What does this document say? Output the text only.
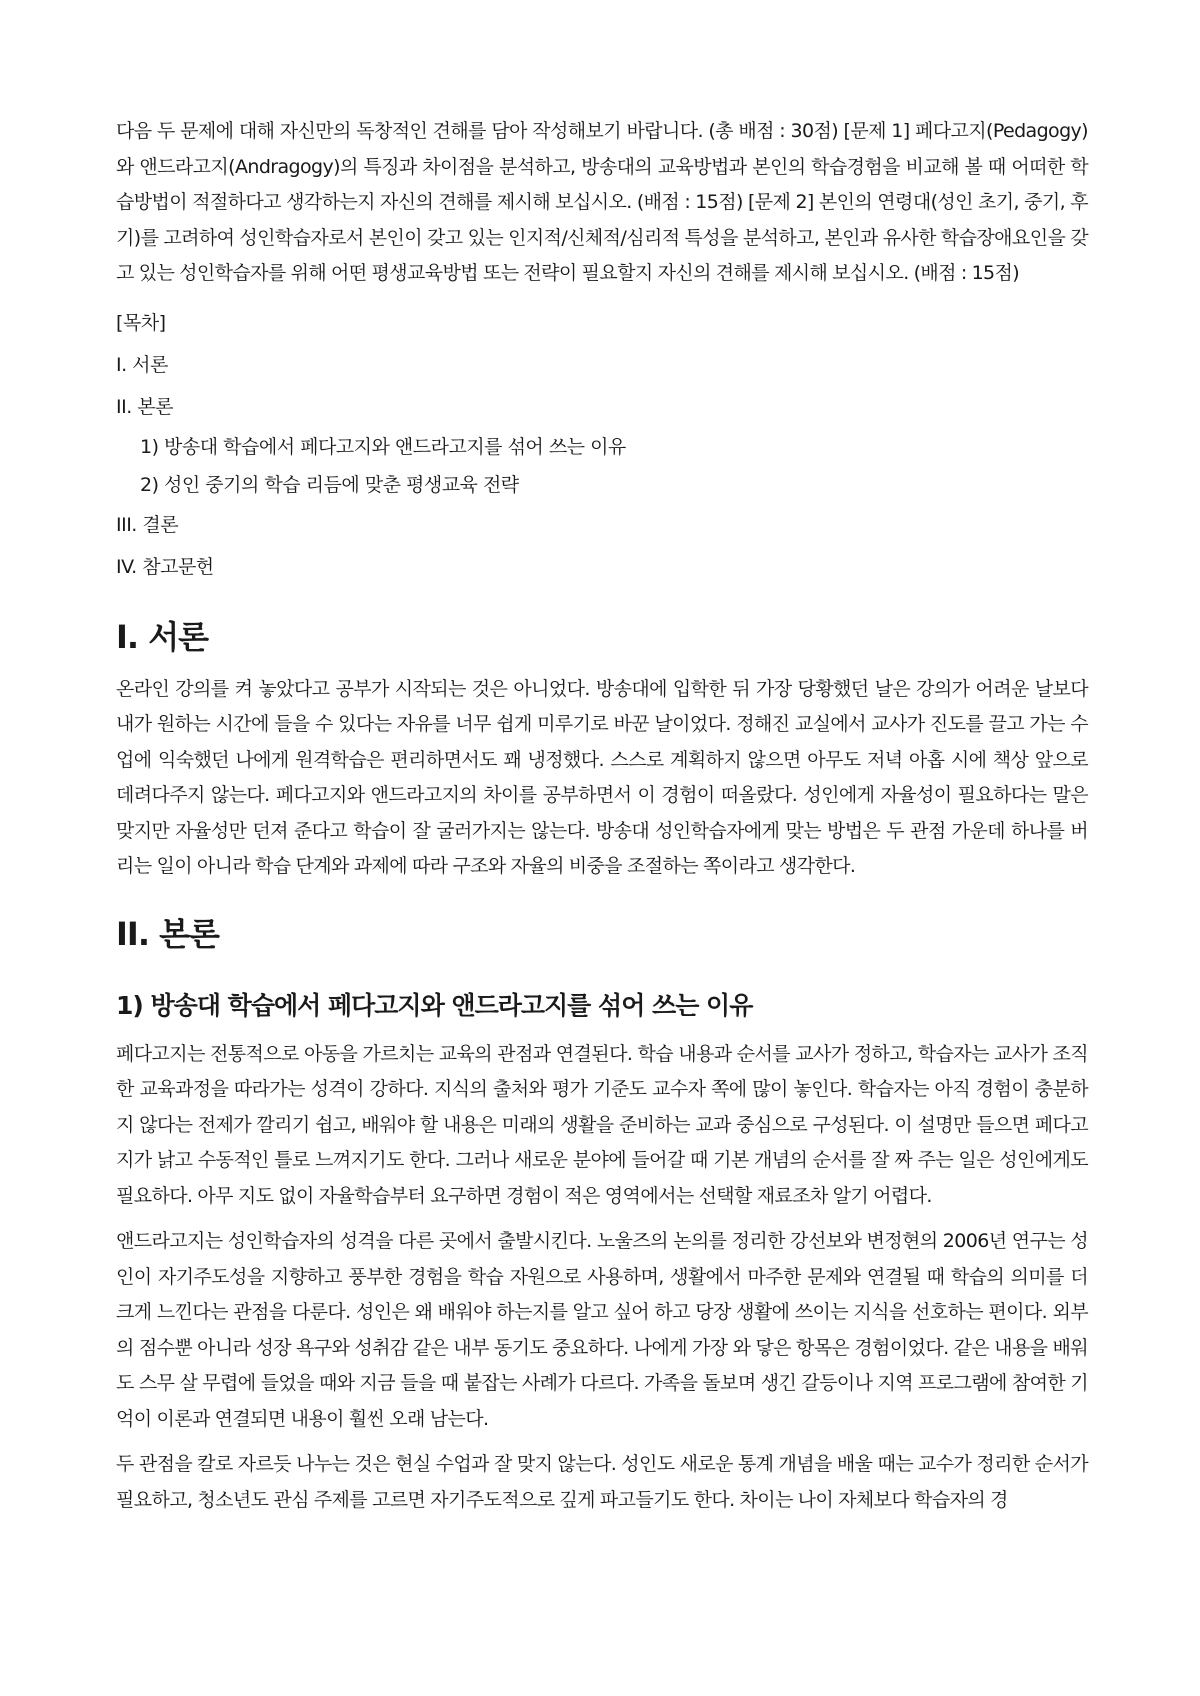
다음 두 문제에 대해 자신만의 독창적인 견해를 담아 작성해보기 바랍니다. (총 배점 : 30점) [문제 1] 페다고지(Pedagogy)와 앤드라고지(Andragogy)의 특징과 차이점을 분석하고, 방송대의 교육방법과 본인의 학습경험을 비교해 볼 때 어떠한 학습방법이 적절하다고 생각하는지 자신의 견해를 제시해 보십시오. (배점 : 15점) [문제 2] 본인의 연령대(성인 초기, 중기, 후기)를 고려하여 성인학습자로서 본인이 갖고 있는 인지적/신체적/심리적 특성을 분석하고, 본인과 유사한 학습장애요인을 갖고 있는 성인학습자를 위해 어떤 평생교육방법 또는 전략이 필요할지 자신의 견해를 제시해 보십시오. (배점 : 15점)

[목차]

I. 서론

II. 본론

1) 방송대 학습에서 페다고지와 앤드라고지를 섞어 쓰는 이유

2) 성인 중기의 학습 리듬에 맞춘 평생교육 전략

III. 결론

IV. 참고문헌

I. 서론

온라인 강의를 켜 놓았다고 공부가 시작되는 것은 아니었다. 방송대에 입학한 뒤 가장 당황했던 날은 강의가 어려운 날보다 내가 원하는 시간에 들을 수 있다는 자유를 너무 쉽게 미루기로 바꾼 날이었다. 정해진 교실에서 교사가 진도를 끌고 가는 수업에 익숙했던 나에게 원격학습은 편리하면서도 꽤 냉정했다. 스스로 계획하지 않으면 아무도 저녁 아홉 시에 책상 앞으로 데려다주지 않는다. 페다고지와 앤드라고지의 차이를 공부하면서 이 경험이 떠올랐다. 성인에게 자율성이 필요하다는 말은 맞지만 자율성만 던져 준다고 학습이 잘 굴러가지는 않는다. 방송대 성인학습자에게 맞는 방법은 두 관점 가운데 하나를 버리는 일이 아니라 학습 단계와 과제에 따라 구조와 자율의 비중을 조절하는 쪽이라고 생각한다.

II. 본론
1) 방송대 학습에서 페다고지와 앤드라고지를 섞어 쓰는 이유

페다고지는 전통적으로 아동을 가르치는 교육의 관점과 연결된다. 학습 내용과 순서를 교사가 정하고, 학습자는 교사가 조직한 교육과정을 따라가는 성격이 강하다. 지식의 출처와 평가 기준도 교수자 쪽에 많이 놓인다. 학습자는 아직 경험이 충분하지 않다는 전제가 깔리기 쉽고, 배워야 할 내용은 미래의 생활을 준비하는 교과 중심으로 구성된다. 이 설명만 들으면 페다고지가 낡고 수동적인 틀로 느껴지기도 한다. 그러나 새로운 분야에 들어갈 때 기본 개념의 순서를 잘 짜 주는 일은 성인에게도 필요하다. 아무 지도 없이 자율학습부터 요구하면 경험이 적은 영역에서는 선택할 재료조차 알기 어렵다.

앤드라고지는 성인학습자의 성격을 다른 곳에서 출발시킨다. 노울즈의 논의를 정리한 강선보와 변정현의 2006년 연구는 성인이 자기주도성을 지향하고 풍부한 경험을 학습 자원으로 사용하며, 생활에서 마주한 문제와 연결될 때 학습의 의미를 더 크게 느낀다는 관점을 다룬다. 성인은 왜 배워야 하는지를 알고 싶어 하고 당장 생활에 쓰이는 지식을 선호하는 편이다. 외부의 점수뿐 아니라 성장 욕구와 성취감 같은 내부 동기도 중요하다. 나에게 가장 와 닿은 항목은 경험이었다. 같은 내용을 배워도 스무 살 무렵에 들었을 때와 지금 들을 때 붙잡는 사례가 다르다. 가족을 돌보며 생긴 갈등이나 지역 프로그램에 참여한 기억이 이론과 연결되면 내용이 훨씬 오래 남는다.

두 관점을 칼로 자르듯 나누는 것은 현실 수업과 잘 맞지 않는다. 성인도 새로운 통계 개념을 배울 때는 교수가 정리한 순서가 필요하고, 청소년도 관심 주제를 고르면 자기주도적으로 깊게 파고들기도 한다. 차이는 나이 자체보다 학습자의 경
